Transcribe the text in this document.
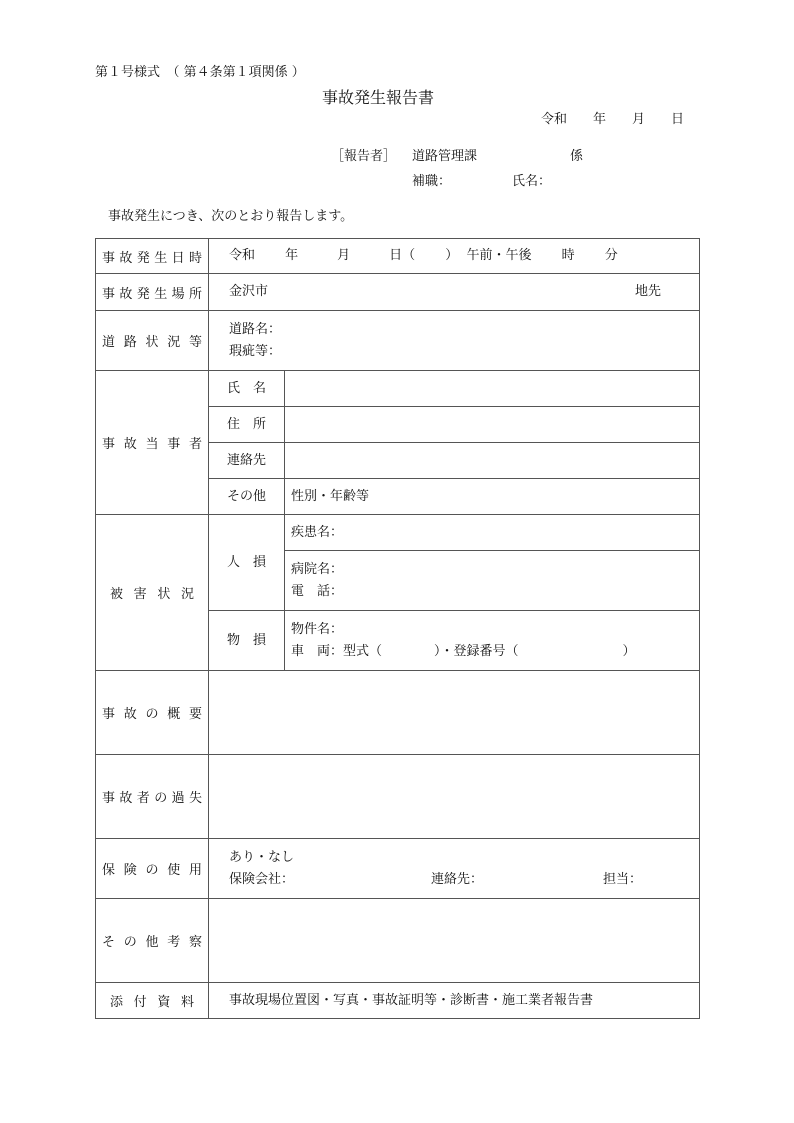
第１号様式　（ 第４条第１項関係 ）
事故発生報告書
令和　　年　　月　　日
［報告者］ 道路管理課	係
補職：	氏名：
事故発生につき、次のとおり報告します。
事故発生日時	令和　　 年　　　月　　　日（　　 ）  午前・午後　　 時　　 分	
事故発生場所	金沢市 地先	

道路状況等	道路名：
瑕疵等：	

事故当事者	氏　名	
	住　所	
	連絡先	
	その他	性別・年齢等
被害状況	人　損	疾患名：

		病院名：
電　話：

	物　損	物件名：
車　両：型式（　　　　）・登録番号（　　　　　　　　）

事故の概要		
事故者の過失		
保険の使用	あり・なし
保険会社： 連絡先： 担当：	

その他考察		
添付資料	事故現場位置図・写真・事故証明等・診断書・施工業者報告書	
